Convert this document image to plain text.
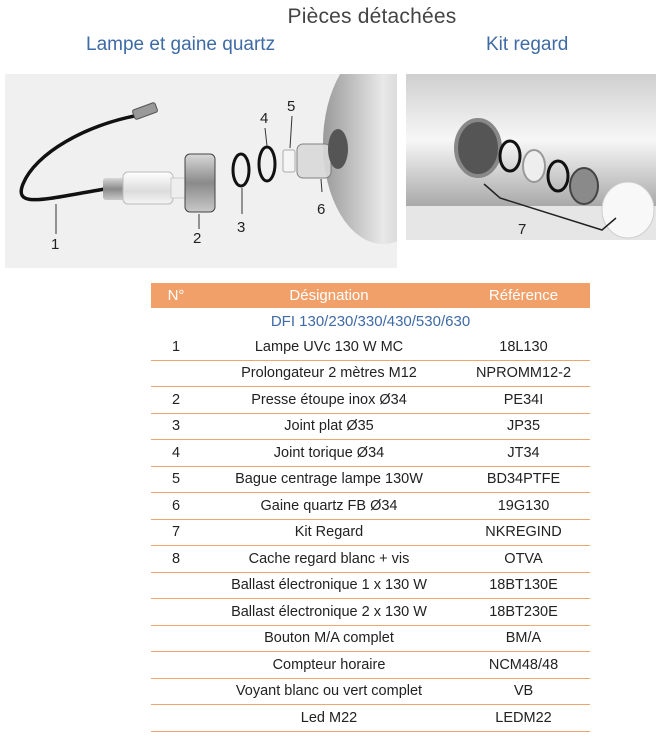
Pièces détachées
Lampe et gaine quartz	Kit regard
1	2
3
4
5
6
7
N°	Désignation	Référence
DFI 130/230/330/430/530/630		
1	Lampe UVc 130 W MC	18L130
	Prolongateur 2 mètres M12	NPROMM12-2
2	Presse étoupe inox Ø34	PE34I
3	Joint plat Ø35	JP35
4	Joint torique Ø34	JT34
5	Bague centrage lampe 130W	BD34PTFE
6	Gaine quartz FB Ø34	19G130
7	Kit Regard	NKREGIND
8	Cache regard blanc + vis	OTVA
	Ballast électronique 1 x 130 W	18BT130E
	Ballast électronique 2 x 130 W	18BT230E
	Bouton M/A complet	BM/A
	Compteur horaire	NCM48/48
	Voyant blanc ou vert complet	VB
	Led M22	LEDM22
